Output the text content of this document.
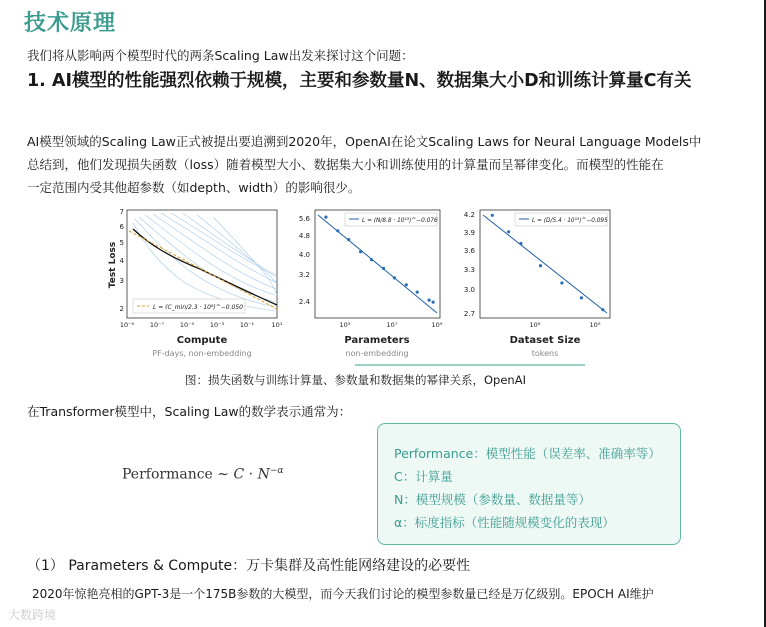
技术原理
我们将从影响两个模型时代的两条Scaling Law出发来探讨这个问题：
1. AI模型的性能强烈依赖于规模，主要和参数量N、数据集大小D和训练计算量C有关
AI模型领域的Scaling Law正式被提出要追溯到2020年，OpenAI在论文Scaling Laws for Neural Language Models中
总结到，他们发现损失函数（loss）随着模型大小、数据集大小和训练使用的计算量而呈幂律变化。而模型的性能在
一定范围内受其他超参数（如depth、width）的影响很少。
L = (C_min/2.3 · 10⁸)^−0.050
7
6
5
4
3
2
10⁻⁹ 10⁻⁷ 10⁻⁵ 10⁻³ 10⁻¹	10¹
Test Loss
Compute
PF-days, non-embedding
L = (N/8.8 · 10¹³)^−0.076
5.6
4.8
4.0
3.2
2.4
10⁵	10⁷	10⁹
Parameters
non-embedding
L = (D/5.4 · 10¹³)^−0.095
4.2
3.9
3.6
3.3
3.0
2.7
10⁸	10⁹
Dataset Size
tokens
图：损失函数与训练计算量、参数量和数据集的幂律关系，OpenAI
在Transformer模型中，Scaling Law的数学表示通常为：
Performance ∼ $C \cdot N^{-\alpha}$
Performance：模型性能（误差率、准确率等）
C：计算量
N：模型规模（参数量、数据量等）
α：标度指标（性能随规模变化的表现）
（1） Parameters & Compute：万卡集群及高性能网络建设的必要性
2020年惊艳亮相的GPT-3是一个175B参数的大模型，而今天我们讨论的模型参数量已经是万亿级别。EPOCH AI维护
大数跨境
